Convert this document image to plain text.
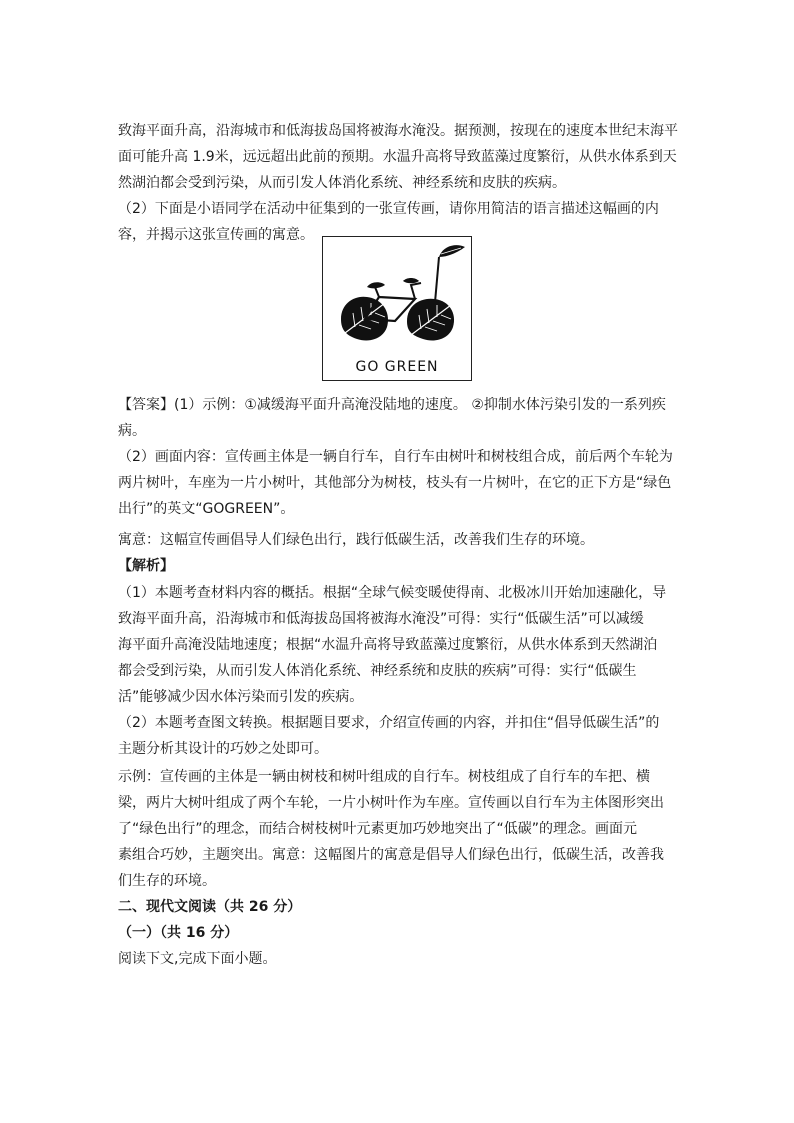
致海平面升高，沿海城市和低海拔岛国将被海水淹没。据预测，按现在的速度本世纪末海平
面可能升高 1.9米，远远超出此前的预期。水温升高将导致蓝藻过度繁衍，从供水体系到天
然湖泊都会受到污染，从而引发人体消化系统、神经系统和皮肤的疾病。
（2）下面是小语同学在活动中征集到的一张宣传画，请你用简洁的语言描述这幅画的内
容，并揭示这张宣传画的寓意。
GO GREEN
【答案】(1）示例：①减缓海平面升高淹没陆地的速度。 ②抑制水体污染引发的一系列疾
病。
（2）画面内容：宣传画主体是一辆自行车，自行车由树叶和树枝组合成，前后两个车轮为
两片树叶，车座为一片小树叶，其他部分为树枝，枝头有一片树叶，在它的正下方是“绿色
出行”的英文“GOGREEN”。
寓意：这幅宣传画倡导人们绿色出行，践行低碳生活，改善我们生存的环境。
【解析】
（1）本题考查材料内容的概括。根据“全球气候变暖使得南、北极冰川开始加速融化，导
致海平面升高，沿海城市和低海拔岛国将被海水淹没”可得：实行“低碳生活”可以减缓
海平面升高淹没陆地速度；根据“水温升高将导致蓝藻过度繁衍，从供水体系到天然湖泊
都会受到污染，从而引发人体消化系统、神经系统和皮肤的疾病”可得：实行“低碳生
活”能够减少因水体污染而引发的疾病。
（2）本题考查图文转换。根据题目要求，介绍宣传画的内容，并扣住“倡导低碳生活”的
主题分析其设计的巧妙之处即可。
示例：宣传画的主体是一辆由树枝和树叶组成的自行车。树枝组成了自行车的车把、横
梁，两片大树叶组成了两个车轮，一片小树叶作为车座。宣传画以自行车为主体图形突出
了“绿色出行”的理念，而结合树枝树叶元素更加巧妙地突出了“低碳”的理念。画面元
素组合巧妙，主题突出。寓意：这幅图片的寓意是倡导人们绿色出行，低碳生活，改善我
们生存的环境。
二、现代文阅读（共 26 分）
（一）（共 16 分）
阅读下文,完成下面小题。
